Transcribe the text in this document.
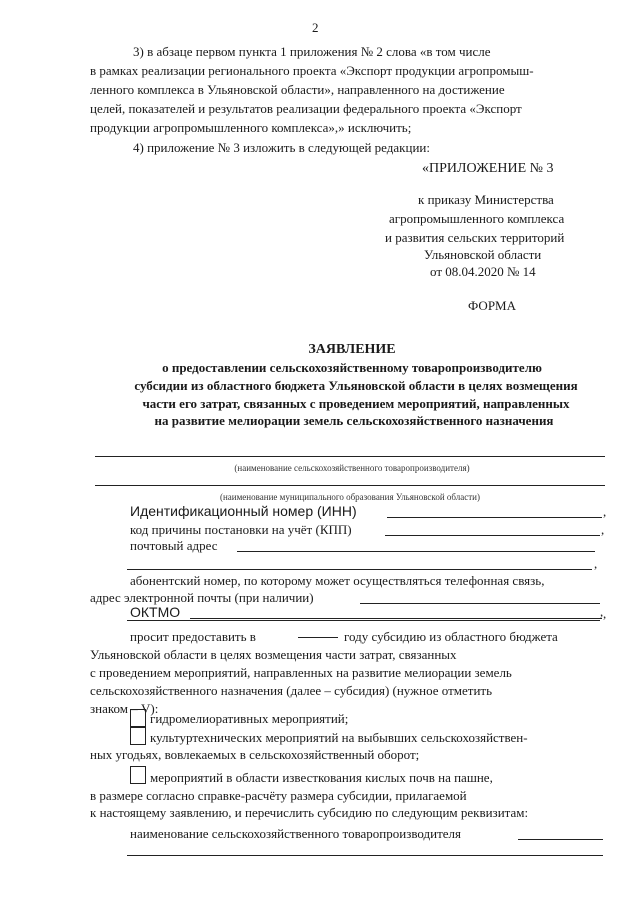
2
3) в абзаце первом пункта 1 приложения № 2 слова «в том числе
в рамках реализации регионального проекта «Экспорт продукции агропромыш-
ленного комплекса в Ульяновской области», направленного на достижение
целей, показателей и результатов реализации федерального проекта «Экспорт
продукции агропромышленного комплекса»,» исключить;
4) приложение № 3 изложить в следующей редакции:
«ПРИЛОЖЕНИЕ № 3
к приказу Министерства
агропромышленного комплекса
и развития сельских территорий
Ульяновской области
от 08.04.2020 № 14
ФОРМА
ЗАЯВЛЕНИЕ
о предоставлении сельскохозяйственному товаропроизводителю
субсидии из областного бюджета Ульяновской области в целях возмещения
части его затрат, связанных с проведением мероприятий, направленных
на развитие мелиорации земель сельскохозяйственного назначения
(наименование сельскохозяйственного товаропроизводителя)
(наименование муниципального образования Ульяновской области)
Идентификационный номер (ИНН)	,
код причины постановки на учёт (КПП)	,
почтовый адрес
,
абонентский номер, по которому может осуществляться телефонная связь,
адрес электронной почты (при наличии)
,
ОКТМО	,
просит предоставить в	году субсидию из областного бюджета
Ульяновской области в целях возмещения части затрат, связанных
с проведением мероприятий, направленных на развитие мелиорации земель
сельскохозяйственного назначения (далее – субсидия) (нужное отметить
знаком – V):
гидромелиоративных мероприятий;
культуртехнических мероприятий на выбывших сельскохозяйствен-
ных угодьях, вовлекаемых в сельскохозяйственный оборот;
мероприятий в области известкования кислых почв на пашне,
в размере согласно справке-расчёту размера субсидии, прилагаемой
к настоящему заявлению, и перечислить субсидию по следующим реквизитам:
наименование сельскохозяйственного товаропроизводителя
